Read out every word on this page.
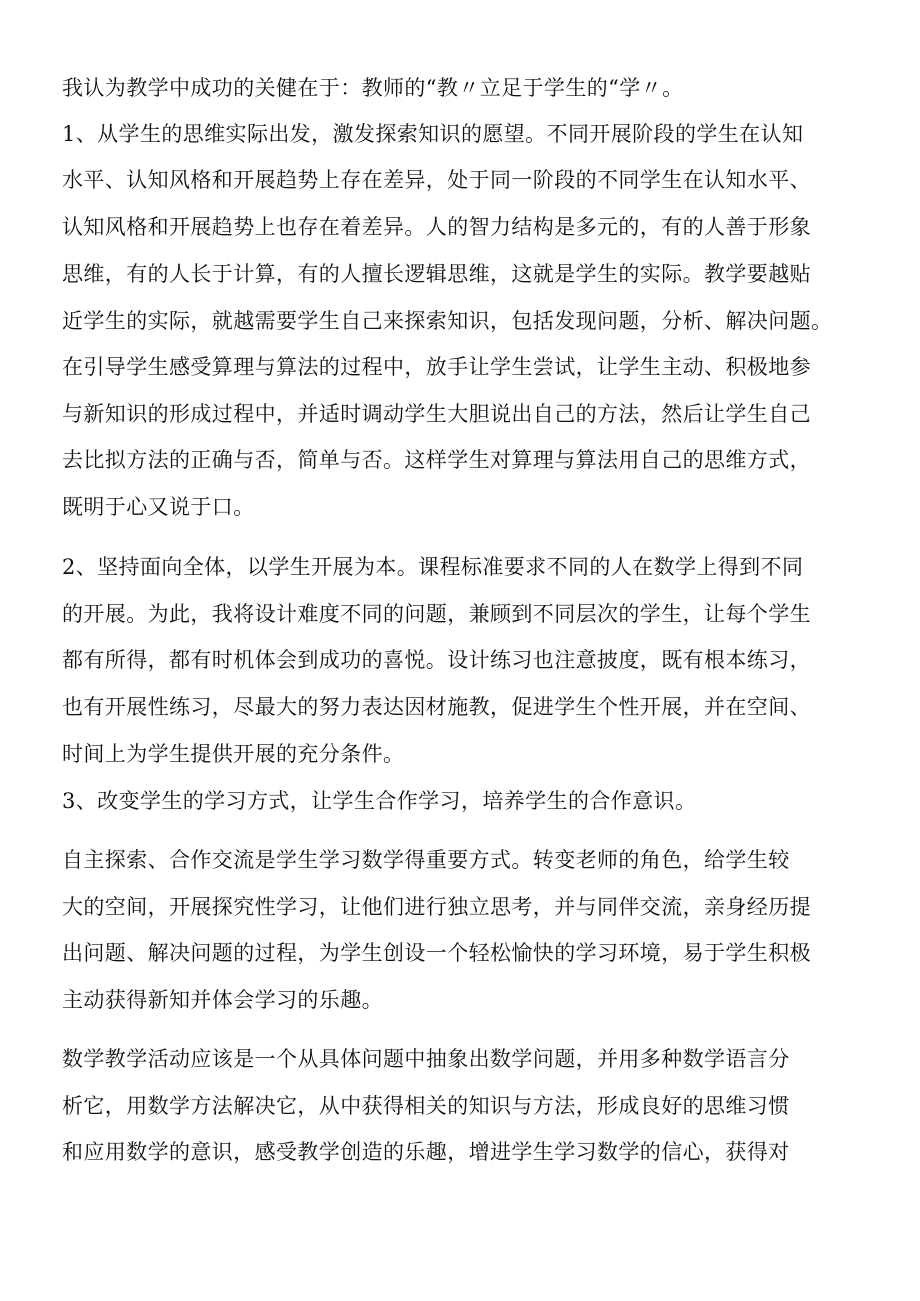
我认为教学中成功的关健在于：教师的“教〃立足于学生的“学〃。
1、从学生的思维实际出发，激发探索知识的愿望。不同开展阶段的学生在认知
水平、认知风格和开展趋势上存在差异，处于同一阶段的不同学生在认知水平、
认知风格和开展趋势上也存在着差异。人的智力结构是多元的，有的人善于形象
思维，有的人长于计算，有的人擅长逻辑思维，这就是学生的实际。教学要越贴
近学生的实际，就越需要学生自己来探索知识，包括发现问题，分析、解决问题。
在引导学生感受算理与算法的过程中，放手让学生尝试，让学生主动、积极地参
与新知识的形成过程中，并适时调动学生大胆说出自己的方法，然后让学生自己
去比拟方法的正确与否，简单与否。这样学生对算理与算法用自己的思维方式，
既明于心又说于口。
2、坚持面向全体，以学生开展为本。课程标准要求不同的人在数学上得到不同
的开展。为此，我将设计难度不同的问题，兼顾到不同层次的学生，让每个学生
都有所得，都有时机体会到成功的喜悦。设计练习也注意披度，既有根本练习，
也有开展性练习，尽最大的努力表达因材施教，促进学生个性开展，并在空间、
时间上为学生提供开展的充分条件。
3、改变学生的学习方式，让学生合作学习，培养学生的合作意识。
自主探索、合作交流是学生学习数学得重要方式。转变老师的角色，给学生较
大的空间，开展探究性学习，让他们进行独立思考，并与同伴交流，亲身经历提
出问题、解决问题的过程，为学生创设一个轻松愉快的学习环境，易于学生积极
主动获得新知并体会学习的乐趣。
数学教学活动应该是一个从具体问题中抽象出数学问题，并用多种数学语言分
析它，用数学方法解决它，从中获得相关的知识与方法，形成良好的思维习惯
和应用数学的意识，感受教学创造的乐趣，增进学生学习数学的信心，获得对
